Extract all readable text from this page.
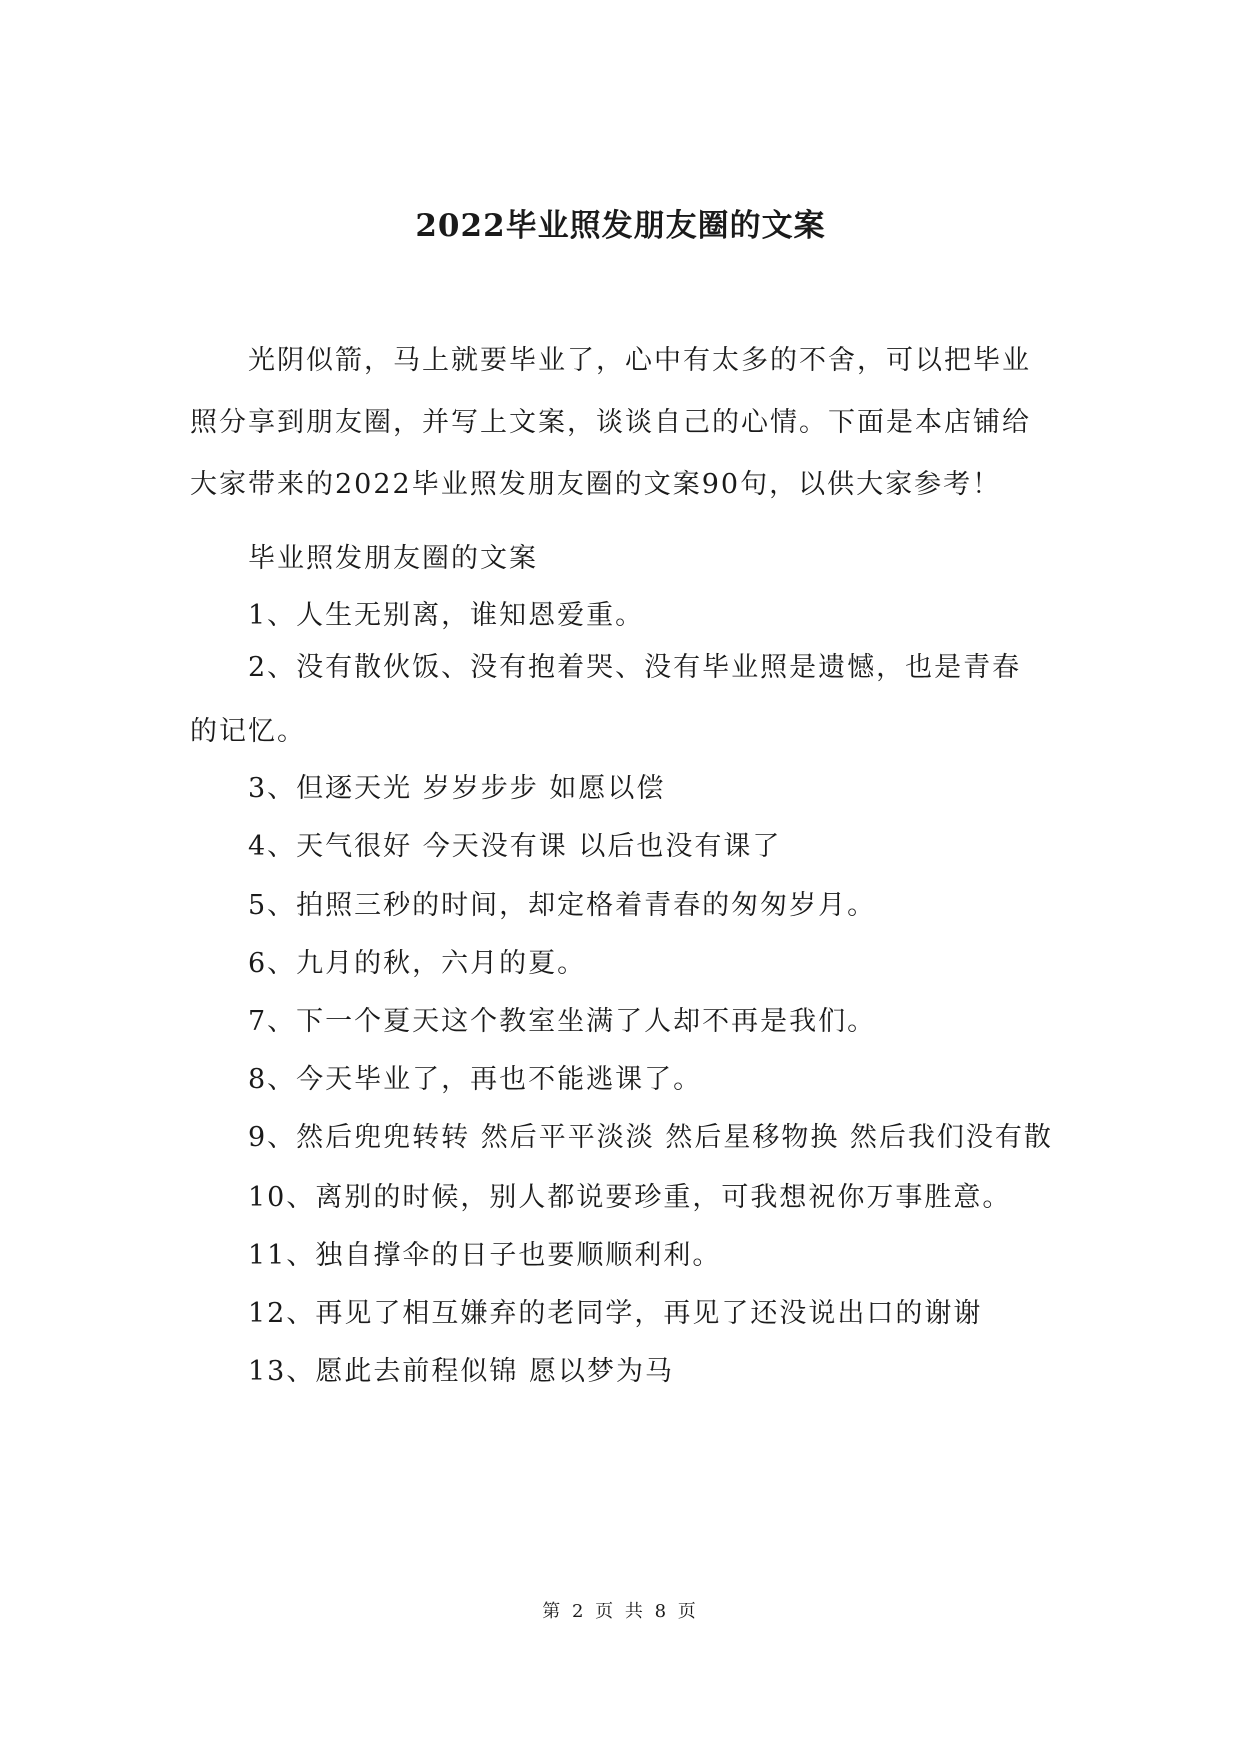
2022毕业照发朋友圈的文案

光阴似箭，马上就要毕业了，心中有太多的不舍，可以把毕业照分享到朋友圈，并写上文案，谈谈自己的心情。下面是本店铺给大家带来的2022毕业照发朋友圈的文案90句，以供大家参考！

毕业照发朋友圈的文案

1、人生无别离，谁知恩爱重。

2、没有散伙饭、没有抱着哭、没有毕业照是遗憾，也是青春的记忆。

3、但逐天光 岁岁步步 如愿以偿

4、天气很好 今天没有课 以后也没有课了

5、拍照三秒的时间，却定格着青春的匆匆岁月。

6、九月的秋，六月的夏。

7、下一个夏天这个教室坐满了人却不再是我们。

8、今天毕业了，再也不能逃课了。

9、然后兜兜转转 然后平平淡淡 然后星移物换 然后我们没有散

10、离别的时候，别人都说要珍重，可我想祝你万事胜意。

11、独自撑伞的日子也要顺顺利利。

12、再见了相互嫌弃的老同学，再见了还没说出口的谢谢

13、愿此去前程似锦 愿以梦为马

第 2 页 共 8 页
